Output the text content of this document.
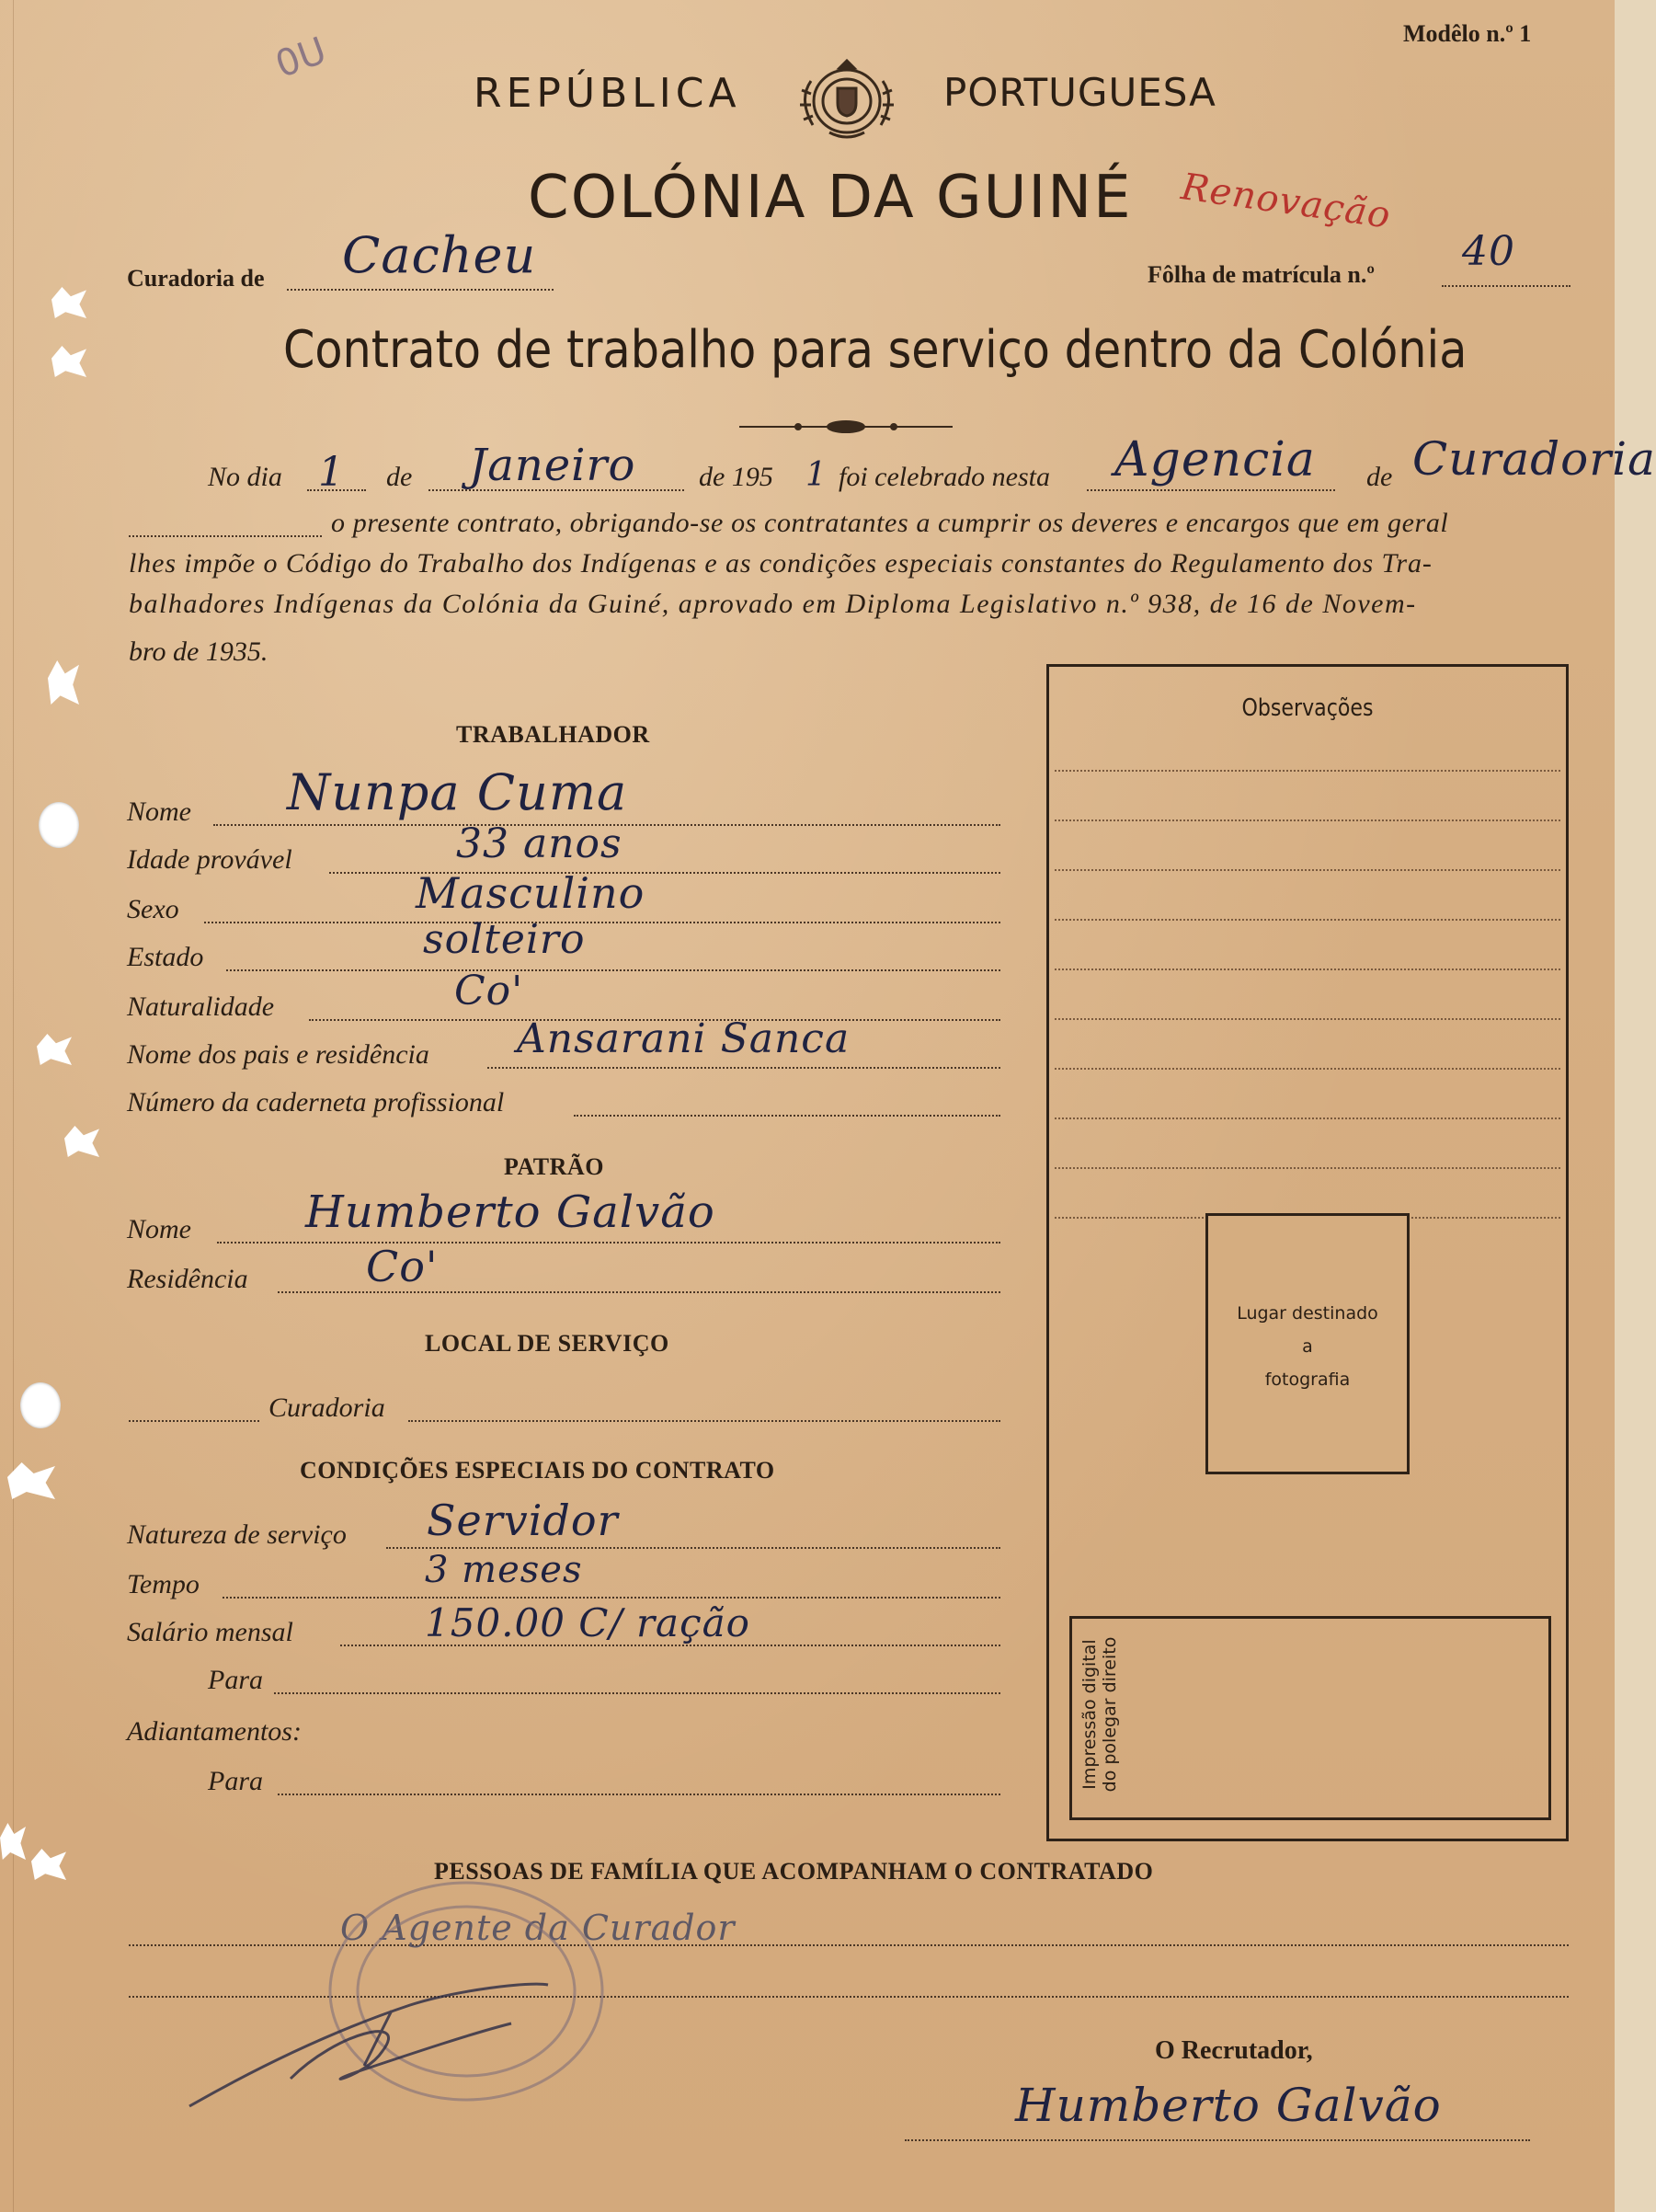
Modêlo n.º 1
0U
REPÚBLICA	PORTUGUESA
COLÓNIA DA GUINÉ Renovação
Curadoria de Cacheu	Fôlha de matrícula n.º 40
Contrato de trabalho para serviço dentro da Colónia
No dia 1 de Janeiro de 195 1 foi celebrado nesta Agencia de Curadoria
o presente contrato, obrigando-se os contratantes a cumprir os deveres e encargos que em geral
lhes impõe o Código do Trabalho dos Indígenas e as condições especiais constantes do Regulamento dos Tra-
balhadores Indígenas da Colónia da Guiné, aprovado em Diploma Legislativo n.º 938, de 16 de Novem-
bro de 1935.
TRABALHADOR
Nome Nunpa Cuma
Idade provável	33 anos
Sexo	Masculino
Estado	solteiro
Naturalidade	Co'
Nome dos pais e residência Ansarani Sanca
Número da caderneta profissional
PATRÃO
Nome	Humberto Galvão
Residência	Co'
LOCAL DE SERVIÇO
Curadoria
CONDIÇÕES ESPECIAIS DO CONTRATO
Natureza de serviço Servidor
Tempo	3 meses
Salário mensal	150.00 C/ ração
Para
Adiantamentos:
Para
Observações
Lugar destinado
a
fotografia
Impressão digital do polegar direito
PESSOAS DE FAMÍLIA QUE ACOMPANHAM O CONTRATADO
O Agente da Curador
O Recrutador,
Humberto Galvão
